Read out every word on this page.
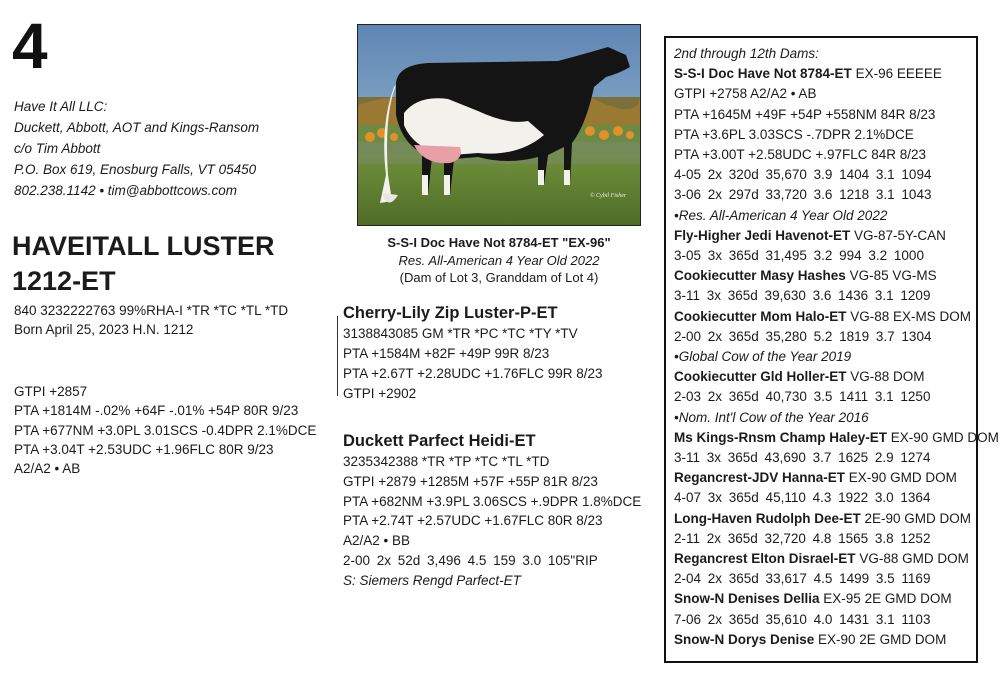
4
Have It All LLC:
Duckett, Abbott, AOT and Kings-Ransom
c/o Tim Abbott
P.O. Box 619, Enosburg Falls, VT 05450
802.238.1142 • tim@abbottcows.com
HAVEITALL LUSTER
1212-ET
840 3232222763 99%RHA-I *TR *TC *TL *TD
Born April 25, 2023 H.N. 1212
GTPI +2857
PTA +1814M -.02% +64F -.01% +54P 80R 9/23
PTA +677NM +3.0PL 3.01SCS -0.4DPR 2.1%DCE
PTA +3.04T +2.53UDC +1.96FLC 80R 9/23
A2/A2 • AB
© Cybil Fisher
S-S-I Doc Have Not 8784-ET "EX-96"
Res. All-American 4 Year Old 2022
(Dam of Lot 3, Granddam of Lot 4)
Cherry-Lily Zip Luster-P-ET
3138843085 GM *TR *PC *TC *TY *TV
PTA +1584M +82F +49P 99R 8/23
PTA +2.67T +2.28UDC +1.76FLC 99R 8/23
GTPI +2902
Duckett Parfect Heidi-ET
3235342388 *TR *TP *TC *TL *TD
GTPI +2879 +1285M +57F +55P 81R 8/23
PTA +682NM +3.9PL 3.06SCS +.9DPR 1.8%DCE
PTA +2.74T +2.57UDC +1.67FLC 80R 8/23
A2/A2 • BB
2-00 2x 52d 3,496 4.5 159 3.0 105"RIP
S: Siemers Rengd Parfect-ET
2nd through 12th Dams:
S-S-I Doc Have Not 8784-ET EX-96 EEEEE
GTPI +2758 A2/A2 • AB
PTA +1645M +49F +54P +558NM 84R 8/23
PTA +3.6PL 3.03SCS -.7DPR 2.1%DCE
PTA +3.00T +2.58UDC +.97FLC 84R 8/23
4-05 2x 320d 35,670 3.9 1404 3.1 1094
3-06 2x 297d 33,720 3.6 1218 3.1 1043
•Res. All-American 4 Year Old 2022
Fly-Higher Jedi Havenot-ET VG-87-5Y-CAN
3-05 3x 365d 31,495 3.2 994 3.2 1000
Cookiecutter Masy Hashes VG-85 VG-MS
3-11 3x 365d 39,630 3.6 1436 3.1 1209
Cookiecutter Mom Halo-ET VG-88 EX-MS DOM
2-00 2x 365d 35,280 5.2 1819 3.7 1304
•Global Cow of the Year 2019
Cookiecutter Gld Holler-ET VG-88 DOM
2-03 2x 365d 40,730 3.5 1411 3.1 1250
•Nom. Int'l Cow of the Year 2016
Ms Kings-Rnsm Champ Haley-ET EX-90 GMD DOM
3-11 3x 365d 43,690 3.7 1625 2.9 1274
Regancrest-JDV Hanna-ET EX-90 GMD DOM
4-07 3x 365d 45,110 4.3 1922 3.0 1364
Long-Haven Rudolph Dee-ET 2E-90 GMD DOM
2-11 2x 365d 32,720 4.8 1565 3.8 1252
Regancrest Elton Disrael-ET VG-88 GMD DOM
2-04 2x 365d 33,617 4.5 1499 3.5 1169
Snow-N Denises Dellia EX-95 2E GMD DOM
7-06 2x 365d 35,610 4.0 1431 3.1 1103
Snow-N Dorys Denise EX-90 2E GMD DOM
